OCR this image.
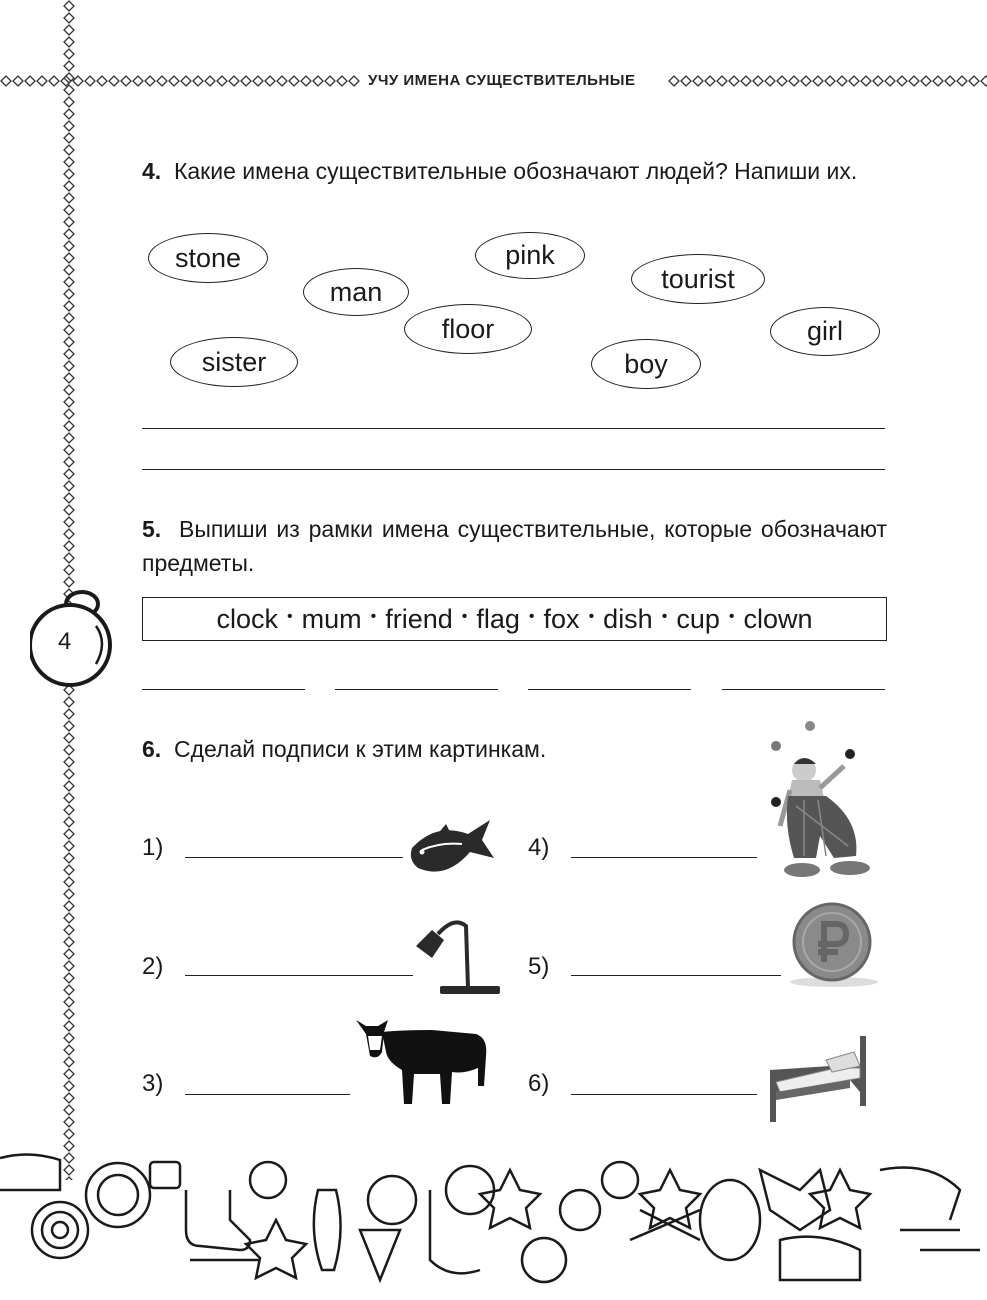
УЧУ ИМЕНА СУЩЕСТВИТЕЛЬНЫЕ
4
4. Какие имена существительные обозначают людей? Напиши их.
stone
man
pink
floor
tourist
sister	boy
girl
5. Выпиши из рамки имена существительные, которые обозначают предметы.
clock • mum • friend • flag • fox • dish • cup • clown
6. Сделай подписи к этим картинкам.
1)
2)
3)
4)
5)
6)
